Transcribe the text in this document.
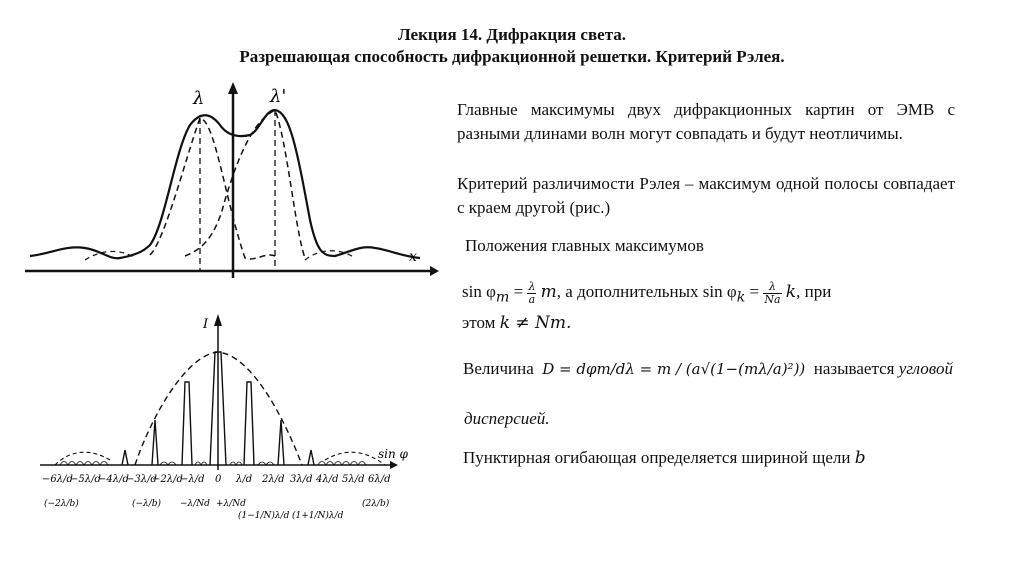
Лекция 14. Дифракция света.
Разрешающая способность дифракционной решетки. Критерий Рэлея.
λ	λ'
x
I
sin φ
−6λ/d
−5λ/d
−4λ/d
−3λ/d
−2λ/d
−λ/d 0 λ/d 2λ/d 3λ/d 4λ/d 5λ/d 6λ/d
(−2λ/b)	(−λ/b) −λ/Nd +λ/Nd
(1−1/N)λ/d (1+1/N)λ/d
(2λ/b)
Главные максимумы двух дифракционных картин от ЭМВ с разными длинами волн могут совпадать и будут неотличимы.
Критерий различимости Рэлея – максимум одной полосы совпадает с краем другой (рис.)
Положения главных максимумов
$\sin \varphi_m = \frac{\lambda}{a} m$, а дополнительных $\sin \varphi_k = \frac{\lambda}{Na} k$, при
этом k ≠ Nm.
Величина D = dφm/dλ = m / (a√(1−(mλ/a)²)) называется угловой
дисперсией.
Пунктирная огибающая определяется шириной щели b
